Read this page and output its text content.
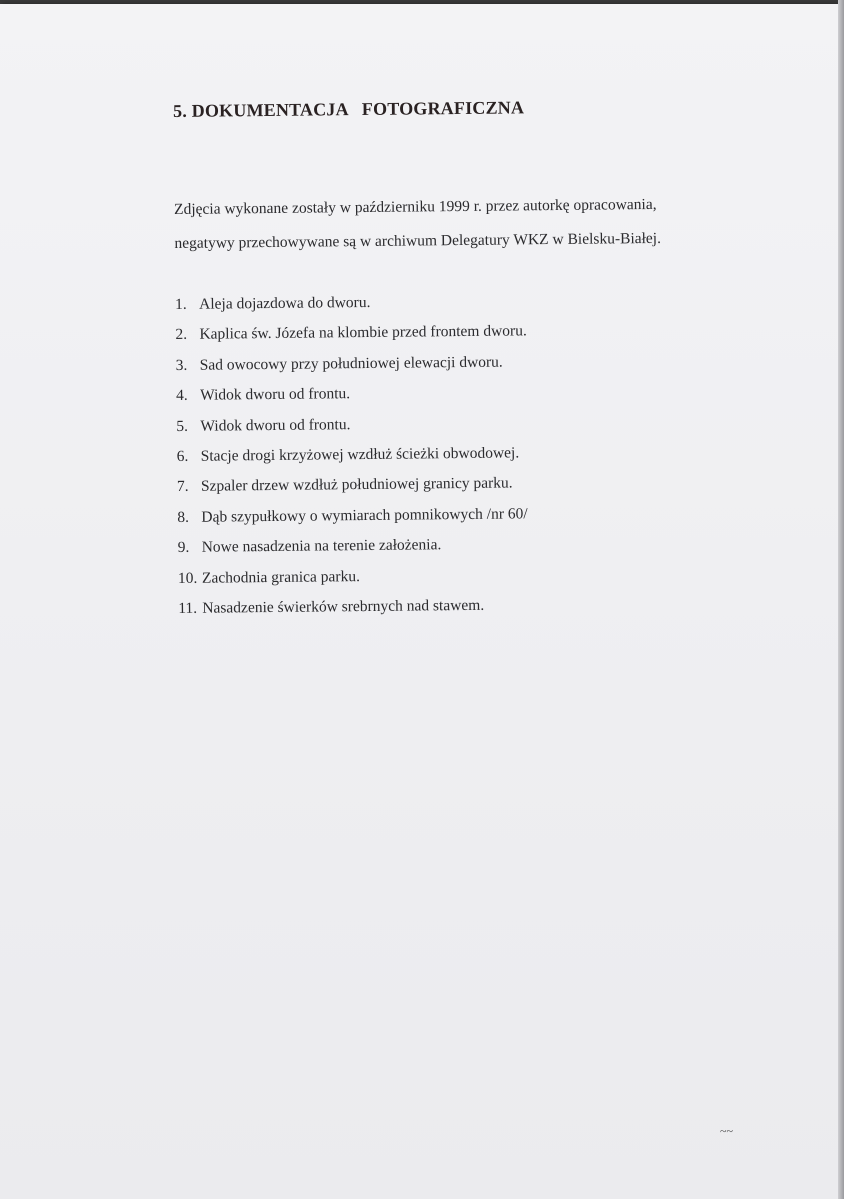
5. DOKUMENTACJA   FOTOGRAFICZNA
Zdjęcia wykonane zostały w październiku 1999 r. przez autorkę opracowania,
negatywy przechowywane są w archiwum Delegatury WKZ w Bielsku-Białej.
1. Aleja dojazdowa do dworu.
2. Kaplica św. Józefa na klombie przed frontem dworu.
3. Sad owocowy przy południowej elewacji dworu.
4. Widok dworu od frontu.
5. Widok dworu od frontu.
6. Stacje drogi krzyżowej wzdłuż ścieżki obwodowej.
7. Szpaler drzew wzdłuż południowej granicy parku.
8. Dąb szypułkowy o wymiarach pomnikowych /nr 60/
9. Nowe nasadzenia na terenie założenia.
10. Zachodnia granica parku.
11. Nasadzenie świerków srebrnych nad stawem.
~~
